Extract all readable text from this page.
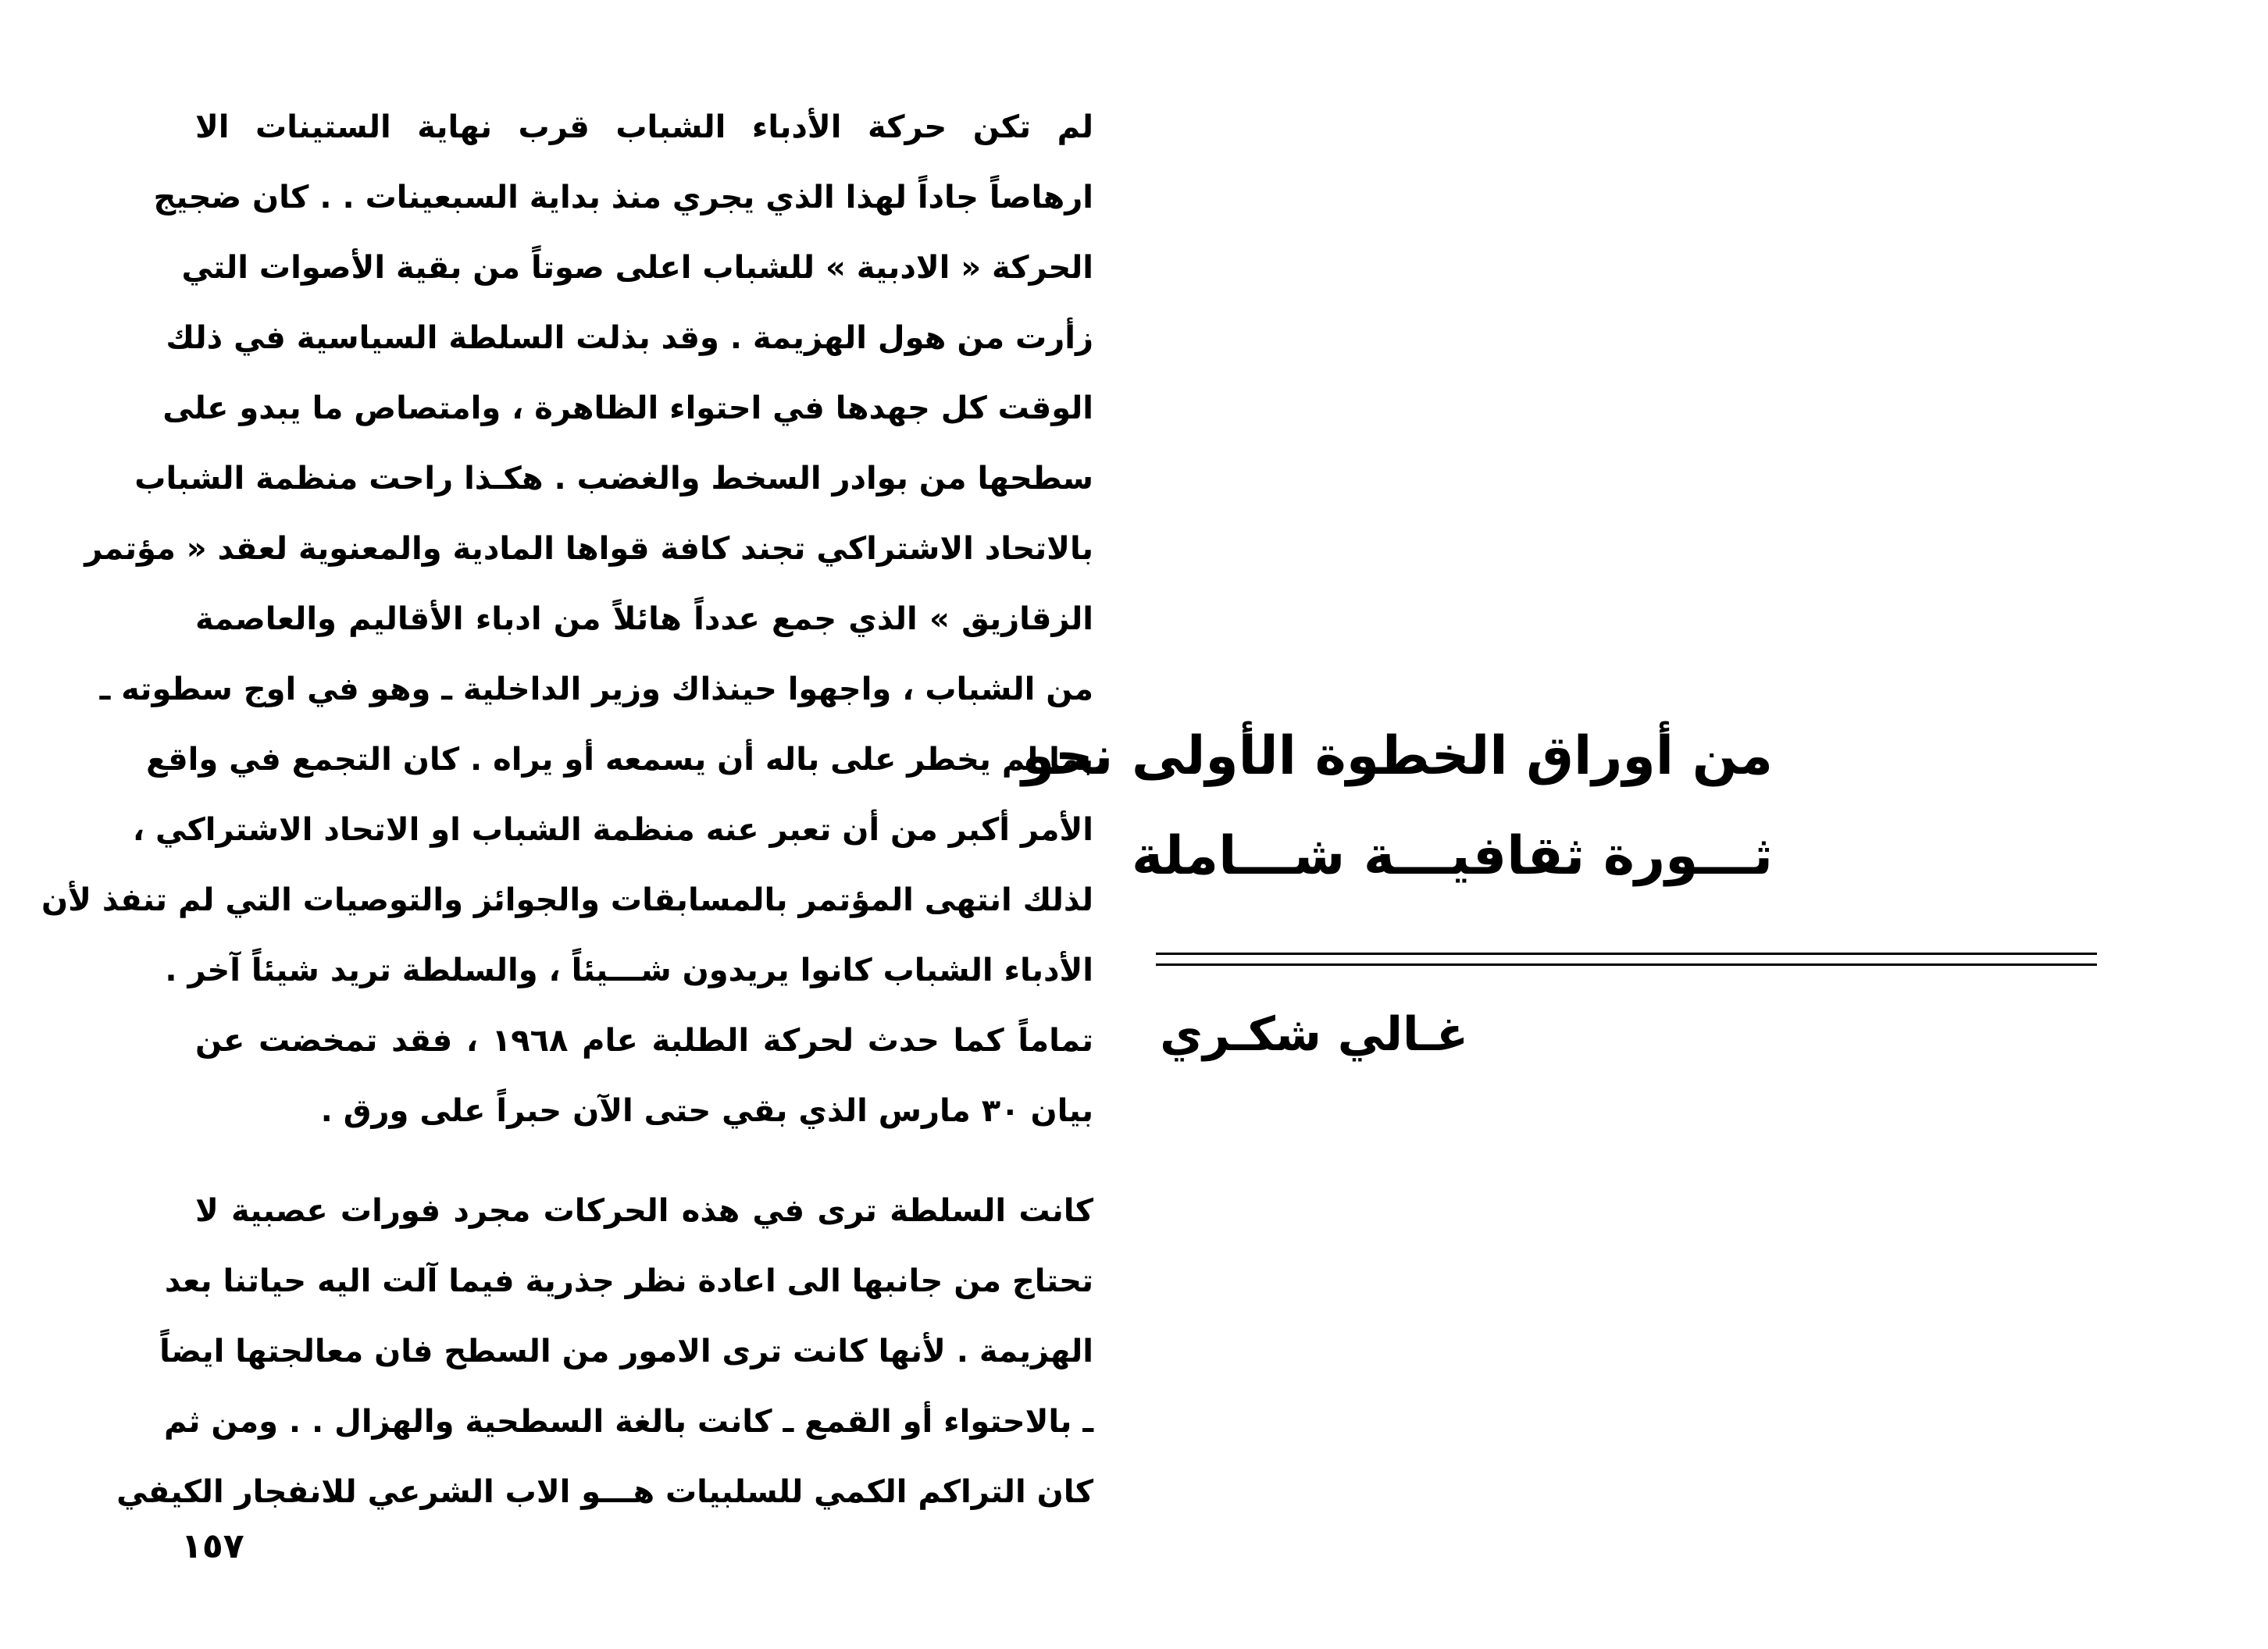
لم تكن حركة الأدباء الشباب قرب نهاية الستينات الا
ارهاصاً جاداً لهذا الذي يجري منذ بداية السبعينات . . كان ضجيج
الحركة « الادبية » للشباب اعلى صوتاً من بقية الأصوات التي
زأرت من هول الهزيمة . وقد بذلت السلطة السياسية في ذلك
الوقت كل جهدها في احتواء الظاهرة ، وامتصاص ما يبدو على
سطحها من بوادر السخط والغضب . هكـذا راحت منظمة الشباب
بالاتحاد الاشتراكي تجند كافة قواها المادية والمعنوية لعقد « مؤتمر
الزقازيق » الذي جمع عدداً هائلاً من ادباء الأقاليم والعاصمة
من الشباب ، واجهوا حينذاك وزير الداخلية ـ وهو في اوج سطوته ـ
بما لم يخطر على باله أن يسمعه أو يراه . كان التجمع في واقع
الأمر أكبر من أن تعبر عنه منظمة الشباب او الاتحاد الاشتراكي ،
لذلك انتهى المؤتمر بالمسابقات والجوائز والتوصيات التي لم تنفذ لأن
الأدباء الشباب كانوا يريدون شـــيئاً ، والسلطة تريد شيئاً آخر .
تماماً كما حدث لحركة الطلبة عام ١٩٦٨ ، فقد تمخضت عن
بيان ٣٠ مارس الذي بقي حتى الآن حبراً على ورق .
كانت السلطة ترى في هذه الحركات مجرد فورات عصبية لا
تحتاج من جانبها الى اعادة نظر جذرية فيما آلت اليه حياتنا بعد
الهزيمة . لأنها كانت ترى الامور من السطح فان معالجتها ايضاً
ـ بالاحتواء أو القمع ـ كانت بالغة السطحية والهزال . . ومن ثم
كان التراكم الكمي للسلبيات هـــو الاب الشرعي للانفجار الكيفي
من أوراق الخطوة الأولى نحو
ثـــورة ثقافيـــة شـــاملة
غـالي شكـري
١٥٧
